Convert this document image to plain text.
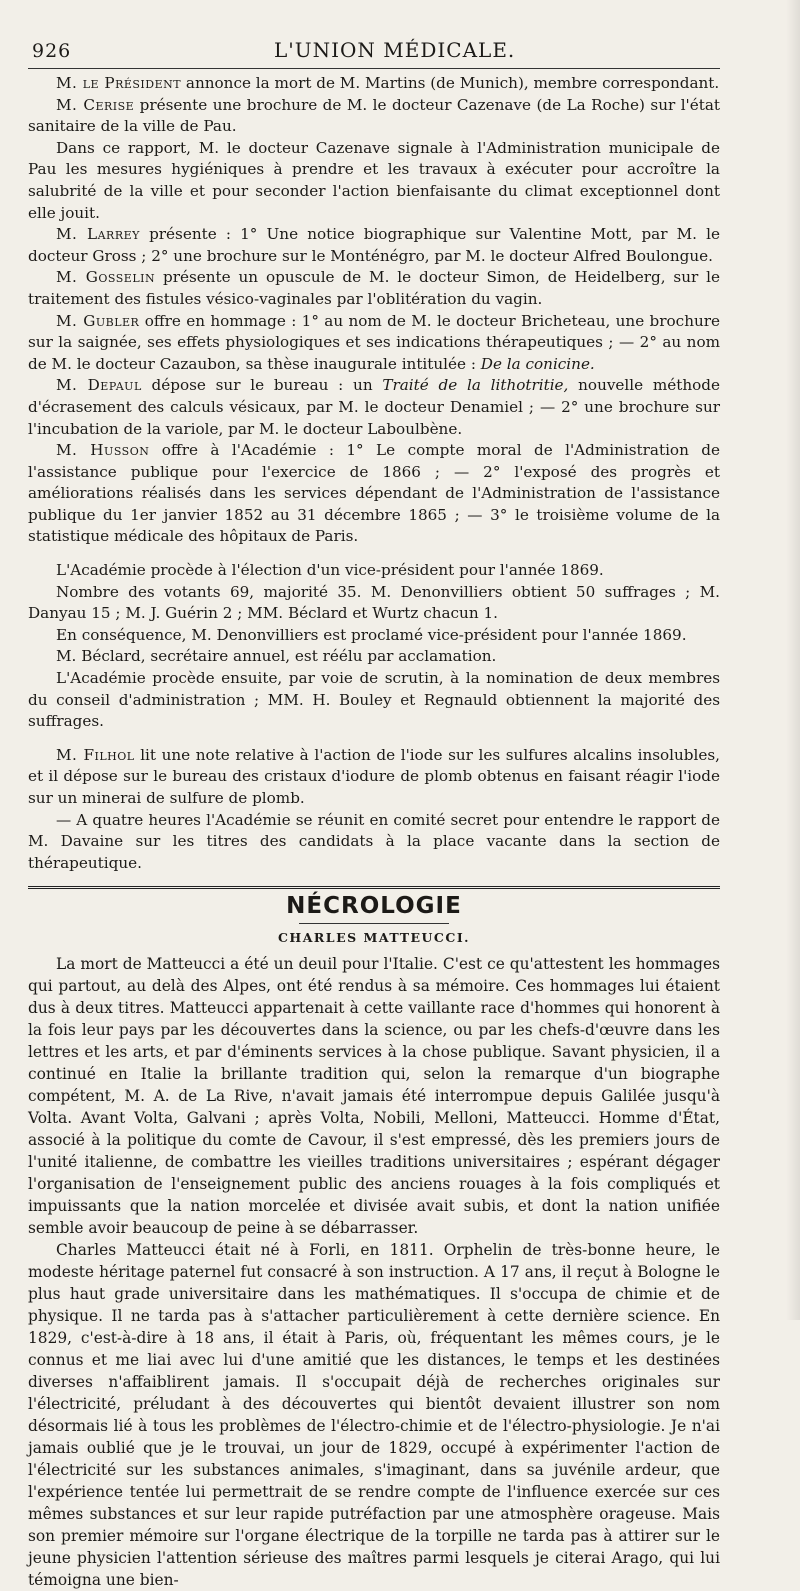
926	L'UNION MÉDICALE.

M. le Président annonce la mort de M. Martins (de Munich), membre correspondant.

M. Cerise présente une brochure de M. le docteur Cazenave (de La Roche) sur l'état sanitaire de la ville de Pau.

Dans ce rapport, M. le docteur Cazenave signale à l'Administration municipale de Pau les mesures hygiéniques à prendre et les travaux à exécuter pour accroître la salubrité de la ville et pour seconder l'action bienfaisante du climat exceptionnel dont elle jouit.

M. Larrey présente : 1° Une notice biographique sur Valentine Mott, par M. le docteur Gross ; 2° une brochure sur le Monténégro, par M. le docteur Alfred Boulongue.

M. Gosselin présente un opuscule de M. le docteur Simon, de Heidelberg, sur le traitement des fistules vésico-vaginales par l'oblitération du vagin.

M. Gubler offre en hommage : 1° au nom de M. le docteur Bricheteau, une brochure sur la saignée, ses effets physiologiques et ses indications thérapeutiques ; — 2° au nom de M. le docteur Cazaubon, sa thèse inaugurale intitulée : De la conicine.

M. Depaul dépose sur le bureau : un Traité de la lithotritie, nouvelle méthode d'écrasement des calculs vésicaux, par M. le docteur Denamiel ; — 2° une brochure sur l'incubation de la variole, par M. le docteur Laboulbène.

M. Husson offre à l'Académie : 1° Le compte moral de l'Administration de l'assistance publique pour l'exercice de 1866 ; — 2° l'exposé des progrès et améliorations réalisés dans les services dépendant de l'Administration de l'assistance publique du 1er janvier 1852 au 31 décembre 1865 ; — 3° le troisième volume de la statistique médicale des hôpitaux de Paris.

L'Académie procède à l'élection d'un vice-président pour l'année 1869.

Nombre des votants 69, majorité 35. M. Denonvilliers obtient 50 suffrages ; M. Danyau 15 ; M. J. Guérin 2 ; MM. Béclard et Wurtz chacun 1.

En conséquence, M. Denonvilliers est proclamé vice-président pour l'année 1869.

M. Béclard, secrétaire annuel, est réélu par acclamation.

L'Académie procède ensuite, par voie de scrutin, à la nomination de deux membres du conseil d'administration ; MM. H. Bouley et Regnauld obtiennent la majorité des suffrages.

M. Filhol lit une note relative à l'action de l'iode sur les sulfures alcalins insolubles, et il dépose sur le bureau des cristaux d'iodure de plomb obtenus en faisant réagir l'iode sur un minerai de sulfure de plomb.

— A quatre heures l'Académie se réunit en comité secret pour entendre le rapport de M. Davaine sur les titres des candidats à la place vacante dans la section de thérapeutique.

NÉCROLOGIE
CHARLES MATTEUCCI.

La mort de Matteucci a été un deuil pour l'Italie. C'est ce qu'attestent les hommages qui partout, au delà des Alpes, ont été rendus à sa mémoire. Ces hommages lui étaient dus à deux titres. Matteucci appartenait à cette vaillante race d'hommes qui honorent à la fois leur pays par les découvertes dans la science, ou par les chefs-d'œuvre dans les lettres et les arts, et par d'éminents services à la chose publique. Savant physicien, il a continué en Italie la brillante tradition qui, selon la remarque d'un biographe compétent, M. A. de La Rive, n'avait jamais été interrompue depuis Galilée jusqu'à Volta. Avant Volta, Galvani ; après Volta, Nobili, Melloni, Matteucci. Homme d'État, associé à la politique du comte de Cavour, il s'est empressé, dès les premiers jours de l'unité italienne, de combattre les vieilles traditions universitaires ; espérant dégager l'organisation de l'enseignement public des anciens rouages à la fois compliqués et impuissants que la nation morcelée et divisée avait subis, et dont la nation unifiée semble avoir beaucoup de peine à se débarrasser.

Charles Matteucci était né à Forli, en 1811. Orphelin de très-bonne heure, le modeste héritage paternel fut consacré à son instruction. A 17 ans, il reçut à Bologne le plus haut grade universitaire dans les mathématiques. Il s'occupa de chimie et de physique. Il ne tarda pas à s'attacher particulièrement à cette dernière science. En 1829, c'est-à-dire à 18 ans, il était à Paris, où, fréquentant les mêmes cours, je le connus et me liai avec lui d'une amitié que les distances, le temps et les destinées diverses n'affaiblirent jamais. Il s'occupait déjà de recherches originales sur l'électricité, préludant à des découvertes qui bientôt devaient illustrer son nom désormais lié à tous les problèmes de l'électro-chimie et de l'électro-physiologie. Je n'ai jamais oublié que je le trouvai, un jour de 1829, occupé à expérimenter l'action de l'électricité sur les substances animales, s'imaginant, dans sa juvénile ardeur, que l'expérience tentée lui permettrait de se rendre compte de l'influence exercée sur ces mêmes substances et sur leur rapide putréfaction par une atmosphère orageuse. Mais son premier mémoire sur l'organe électrique de la torpille ne tarda pas à attirer sur le jeune physicien l'attention sérieuse des maîtres parmi lesquels je citerai Arago, qui lui témoigna une bien-
